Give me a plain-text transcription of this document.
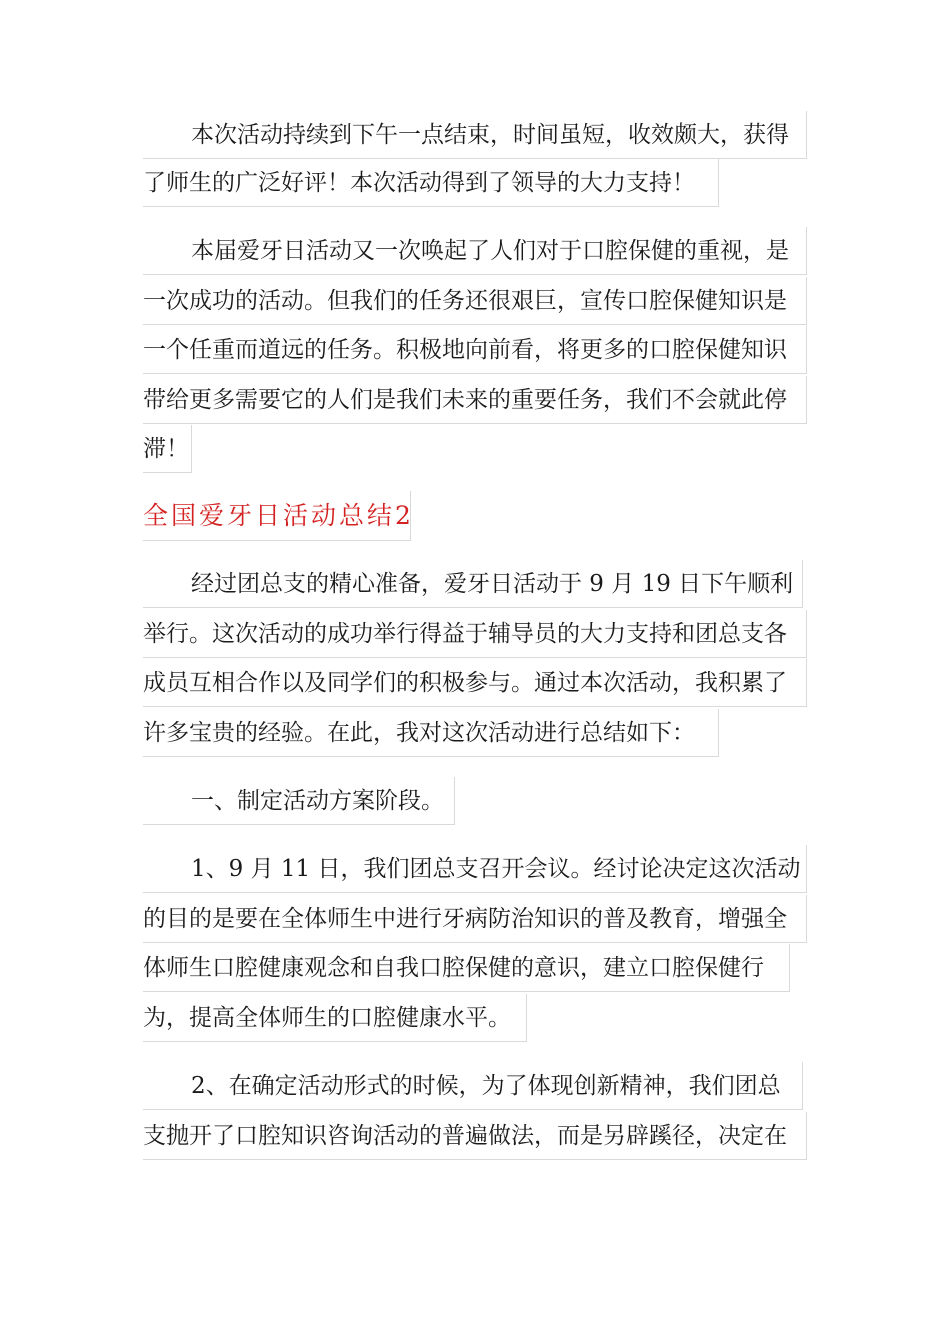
本次活动持续到下午一点结束，时间虽短，收效颇大，获得
了师生的广泛好评！本次活动得到了领导的大力支持！
本届爱牙日活动又一次唤起了人们对于口腔保健的重视，是
一次成功的活动。但我们的任务还很艰巨，宣传口腔保健知识是
一个任重而道远的任务。积极地向前看，将更多的口腔保健知识
带给更多需要它的人们是我们未来的重要任务，我们不会就此停
滞！
全国爱牙日活动总结2
经过团总支的精心准备，爱牙日活动于 9 月 19 日下午顺利
举行。这次活动的成功举行得益于辅导员的大力支持和团总支各
成员互相合作以及同学们的积极参与。通过本次活动，我积累了
许多宝贵的经验。在此，我对这次活动进行总结如下：
一、制定活动方案阶段。
1、9 月 11 日，我们团总支召开会议。经讨论决定这次活动
的目的是要在全体师生中进行牙病防治知识的普及教育，增强全
体师生口腔健康观念和自我口腔保健的意识，建立口腔保健行
为，提高全体师生的口腔健康水平。
2、在确定活动形式的时候，为了体现创新精神，我们团总
支抛开了口腔知识咨询活动的普遍做法，而是另辟蹊径，决定在
